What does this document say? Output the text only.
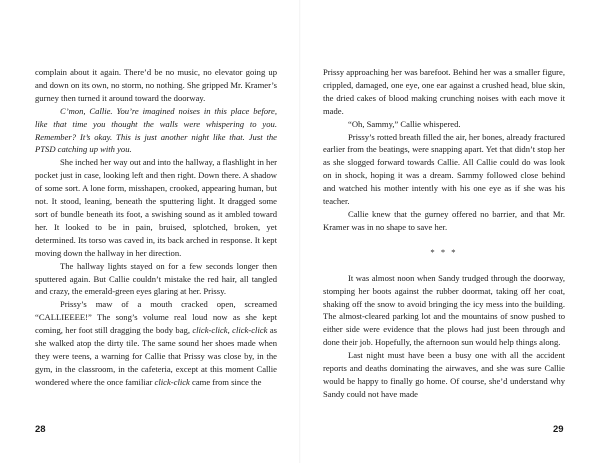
complain about it again. There’d be no music, no elevator going up and down on its own, no storm, no nothing. She gripped Mr. Kramer’s gurney then turned it around toward the doorway.

C’mon, Callie. You’re imagined noises in this place before, like that time you thought the walls were whispering to you. Remember? It’s okay. This is just another night like that. Just the PTSD catching up with you.

She inched her way out and into the hallway, a flashlight in her pocket just in case, looking left and then right. Down there. A shadow of some sort. A lone form, misshapen, crooked, appearing human, but not. It stood, leaning, beneath the sputtering light. It dragged some sort of bundle beneath its foot, a swishing sound as it ambled toward her. It looked to be in pain, bruised, splotched, broken, yet determined. Its torso was caved in, its back arched in response. It kept moving down the hallway in her direction.

The hallway lights stayed on for a few seconds longer then sputtered again. But Callie couldn’t mistake the red hair, all tangled and crazy, the emerald-green eyes glaring at her. Prissy.

Prissy’s maw of a mouth cracked open, screamed “CALLIEEEE!” The song’s volume real loud now as she kept coming, her foot still dragging the body bag, click-click, click-click as she walked atop the dirty tile. The same sound her shoes made when they were teens, a warning for Callie that Prissy was close by, in the gym, in the classroom, in the cafeteria, except at this moment Callie wondered where the once familiar click-click came from since the

28

Prissy approaching her was barefoot. Behind her was a smaller figure, crippled, damaged, one eye, one ear against a crushed head, blue skin, the dried cakes of blood making crunching noises with each move it made.

“Oh, Sammy,” Callie whispered.

Prissy’s rotted breath filled the air, her bones, already fractured earlier from the beatings, were snapping apart. Yet that didn’t stop her as she slogged forward towards Callie. All Callie could do was look on in shock, hoping it was a dream. Sammy followed close behind and watched his mother intently with his one eye as if she was his teacher.

Callie knew that the gurney offered no barrier, and that Mr. Kramer was in no shape to save her.

* * *

It was almost noon when Sandy trudged through the doorway, stomping her boots against the rubber doormat, taking off her coat, shaking off the snow to avoid bringing the icy mess into the building. The almost-cleared parking lot and the mountains of snow pushed to either side were evidence that the plows had just been through and done their job. Hopefully, the afternoon sun would help things along.

Last night must have been a busy one with all the accident reports and deaths dominating the airwaves, and she was sure Callie would be happy to finally go home. Of course, she’d understand why Sandy could not have made

29
